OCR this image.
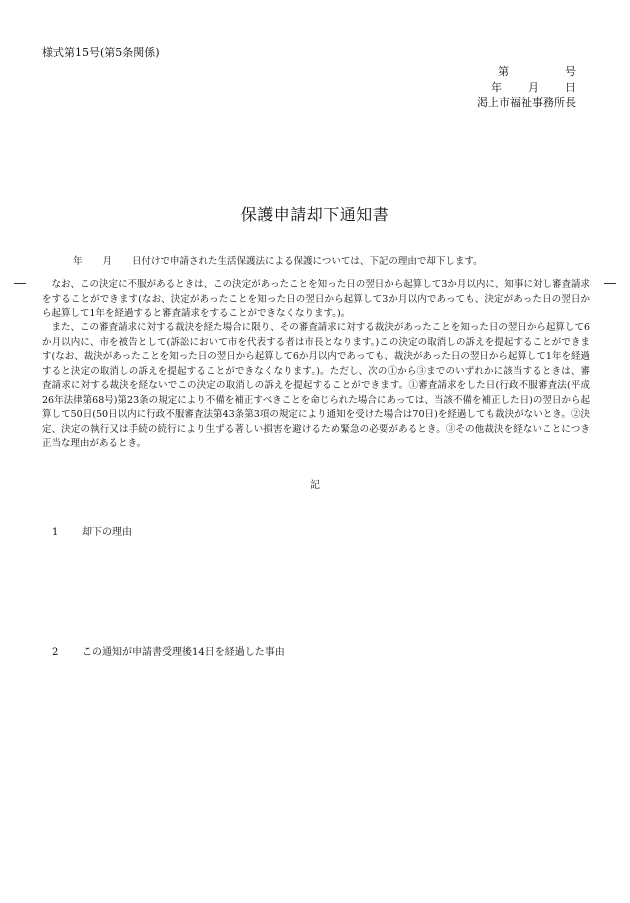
様式第15号(第5条関係)
第	号
年 月 日
渇上市福祉事務所長
保護申請却下通知書
年 月 日付けで申請された生活保護法による保護については、下記の理由で却下します。

なお、この決定に不服があるときは、この決定があったことを知った日の翌日から起算して3か月以内に、知事に対し審査請求をすることができます(なお、決定があったことを知った日の翌日から起算して3か月以内であっても、決定があった日の翌日から起算して1年を経過すると審査請求をすることができなくなります。)。

また、この審査請求に対する裁決を経た場合に限り、その審査請求に対する裁決があったことを知った日の翌日から起算して6か月以内に、市を被告として(訴訟において市を代表する者は市長となります。)この決定の取消しの訴えを提起することができます(なお、裁決があったことを知った日の翌日から起算して6か月以内であっても、裁決があった日の翌日から起算して1年を経過すると決定の取消しの訴えを提起することができなくなります。)。ただし、次の①から③までのいずれかに該当するときは、審査請求に対する裁決を経ないでこの決定の取消しの訴えを提起することができます。①審査請求をした日(行政不服審査法(平成26年法律第68号)第23条の規定により不備を補正すべきことを命じられた場合にあっては、当該不備を補正した日)の翌日から起算して50日(50日以内に行政不服審査法第43条第3項の規定により通知を受けた場合は70日)を経過しても裁決がないとき。②決定、決定の執行又は手続の続行により生ずる著しい損害を避けるため緊急の必要があるとき。③その他裁決を経ないことにつき正当な理由があるとき。

記
1 却下の理由
2 この通知が申請書受理後14日を経過した事由
